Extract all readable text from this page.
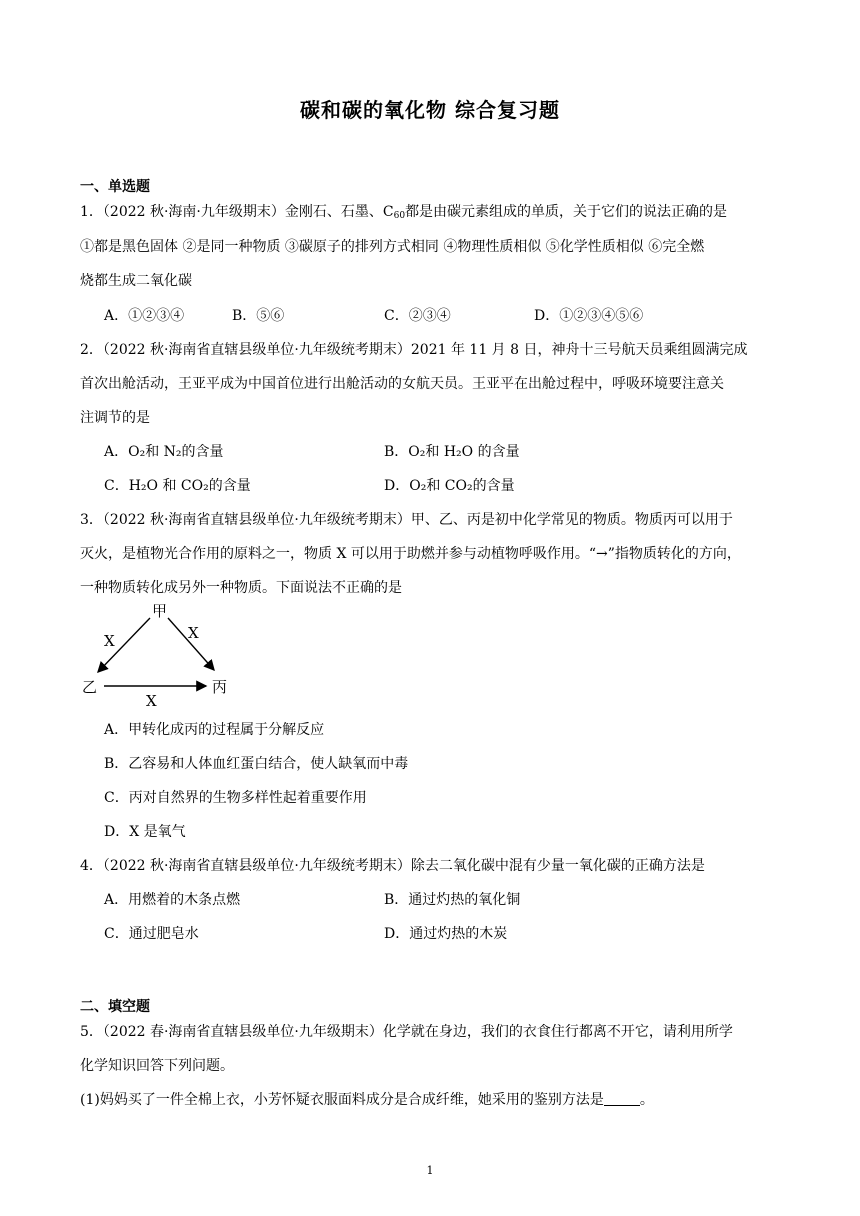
碳和碳的氧化物 综合复习题
一、单选题
1．（2022 秋·海南·九年级期末）金刚石、石墨、$C_{60}$都是由碳元素组成的单质，关于它们的说法正确的是
①都是黑色固体 ②是同一种物质 ③碳原子的排列方式相同 ④物理性质相似 ⑤化学性质相似 ⑥完全燃
烧都生成二氧化碳
A．①②③④	B．⑤⑥	C．②③④	D．①②③④⑤⑥
2．（2022 秋·海南省直辖县级单位·九年级统考期末）2021 年 11 月 8 日，神舟十三号航天员乘组圆满完成
首次出舱活动，王亚平成为中国首位进行出舱活动的女航天员。王亚平在出舱过程中，呼吸环境要注意关
注调节的是
A．O₂和 N₂的含量	B．O₂和 H₂O 的含量
C．H₂O 和 CO₂的含量	D．O₂和 CO₂的含量
3．（2022 秋·海南省直辖县级单位·九年级统考期末）甲、乙、丙是初中化学常见的物质。物质丙可以用于
灭火，是植物光合作用的原料之一，物质 X 可以用于助燃并参与动植物呼吸作用。“→”指物质转化的方向，
一种物质转化成另外一种物质。下面说法不正确的是
甲
乙	丙
X	X
X
A．甲转化成丙的过程属于分解反应
B．乙容易和人体血红蛋白结合，使人缺氧而中毒
C．丙对自然界的生物多样性起着重要作用
D．X 是氧气
4．（2022 秋·海南省直辖县级单位·九年级统考期末）除去二氧化碳中混有少量一氧化碳的正确方法是
A．用燃着的木条点燃	B．通过灼热的氧化铜
C．通过肥皂水	D．通过灼热的木炭
二、填空题
5．（2022 春·海南省直辖县级单位·九年级期末）化学就在身边，我们的衣食住行都离不开它，请利用所学
化学知识回答下列问题。
(1)妈妈买了一件全棉上衣，小芳怀疑衣服面料成分是合成纤维，她采用的鉴别方法是	。
1
